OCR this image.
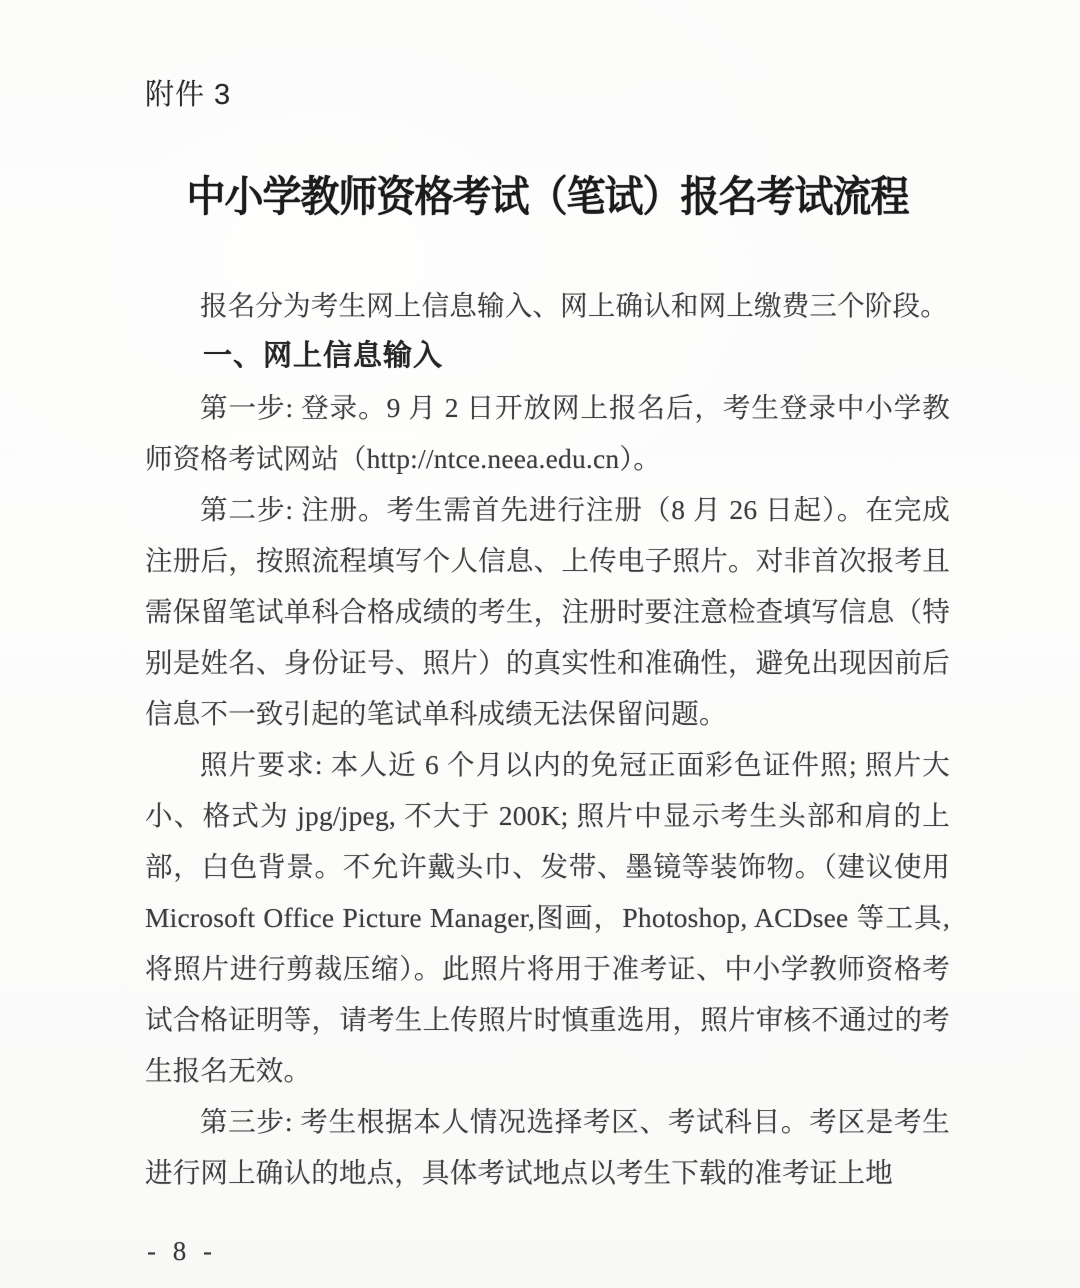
附件 3
中小学教师资格考试（笔试）报名考试流程

报名分为考生网上信息输入、网上确认和网上缴费三个阶段。

一、网上信息输入

第一步: 登录。9 月 2 日开放网上报名后，考生登录中小学教师资格考试网站（http://ntce.neea.edu.cn）。

第二步: 注册。考生需首先进行注册（8 月 26 日起）。在完成注册后，按照流程填写个人信息、上传电子照片。对非首次报考且需保留笔试单科合格成绩的考生，注册时要注意检查填写信息（特别是姓名、身份证号、照片）的真实性和准确性，避免出现因前后信息不一致引起的笔试单科成绩无法保留问题。

照片要求: 本人近 6 个月以内的免冠正面彩色证件照; 照片大小、格式为 jpg/jpeg, 不大于 200K; 照片中显示考生头部和肩的上部，白色背景。不允许戴头巾、发带、墨镜等装饰物。（建议使用 Microsoft Office Picture Manager,图画，Photoshop, ACDsee 等工具,将照片进行剪裁压缩）。此照片将用于准考证、中小学教师资格考试合格证明等，请考生上传照片时慎重选用，照片审核不通过的考生报名无效。

第三步: 考生根据本人情况选择考区、考试科目。考区是考生进行网上确认的地点，具体考试地点以考生下载的准考证上地

- 8 -
